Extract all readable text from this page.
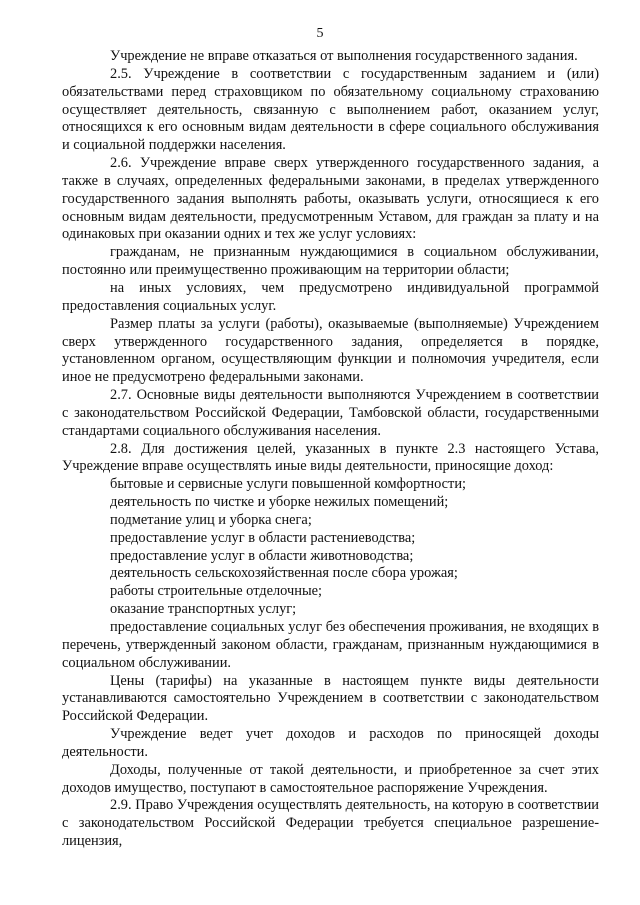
5

Учреждение не вправе отказаться от выполнения государственного задания.

2.5. Учреждение в соответствии с государственным заданием и (или) обязательствами перед страховщиком по обязательному социальному страхованию осуществляет деятельность, связанную с выполнением работ, оказанием услуг, относящихся к его основным видам деятельности в сфере социального обслуживания и социальной поддержки населения.

2.6. Учреждение вправе сверх утвержденного государственного задания, а также в случаях, определенных федеральными законами, в пределах утвержденного государственного задания выполнять работы, оказывать услуги, относящиеся к его основным видам деятельности, предусмотренным Уставом, для граждан за плату и на одинаковых при оказании одних и тех же услуг условиях:

гражданам, не признанным нуждающимися в социальном обслуживании, постоянно или преимущественно проживающим на территории области;

на иных условиях, чем предусмотрено индивидуальной программой предоставления социальных услуг.

Размер платы за услуги (работы), оказываемые (выполняемые) Учреждением сверх утвержденного государственного задания, определяется в порядке, установленном органом, осуществляющим функции и полномочия учредителя, если иное не предусмотрено федеральными законами.

2.7. Основные виды деятельности выполняются Учреждением в соответствии с законодательством Российской Федерации, Тамбовской области, государственными стандартами социального обслуживания населения.

2.8. Для достижения целей, указанных в пункте 2.3 настоящего Устава, Учреждение вправе осуществлять иные виды деятельности, приносящие доход:

бытовые и сервисные услуги повышенной комфортности;

деятельность по чистке и уборке нежилых помещений;

подметание улиц и уборка снега;

предоставление услуг в области растениеводства;

предоставление услуг в области животноводства;

деятельность сельскохозяйственная после сбора урожая;

работы строительные отделочные;

оказание транспортных услуг;

предоставление социальных услуг без обеспечения проживания, не входящих в перечень, утвержденный законом области, гражданам, признанным нуждающимися в социальном обслуживании.

Цены (тарифы) на указанные в настоящем пункте виды деятельности устанавливаются самостоятельно Учреждением в соответствии с законодательством Российской Федерации.

Учреждение ведет учет доходов и расходов по приносящей доходы деятельности.

Доходы, полученные от такой деятельности, и приобретенное за счет этих доходов имущество, поступают в самостоятельное распоряжение Учреждения.

2.9. Право Учреждения осуществлять деятельность, на которую в соответствии с законодательством Российской Федерации требуется специальное разрешение-лицензия,
